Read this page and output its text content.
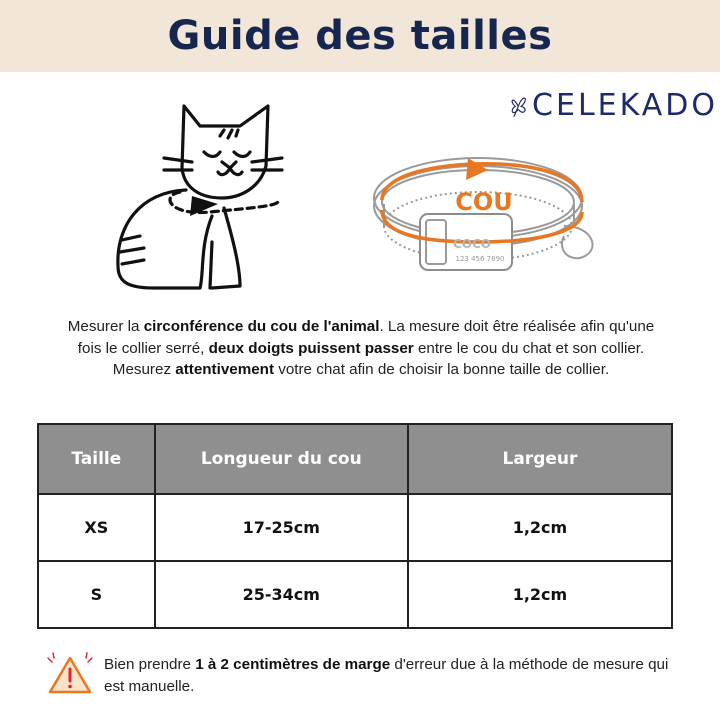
Guide des tailles
CELEKADO
COU
COCO
123 456 7890

Mesurer la circonférence du cou de l'animal. La mesure doit être réalisée afin qu'une fois le collier serré, deux doigts puissent passer entre le cou du chat et son collier. Mesurez attentivement votre chat afin de choisir la bonne taille de collier.

Taille	Longueur du cou	Largeur
XS	17-25cm	1,2cm
S	25-34cm	1,2cm

Bien prendre 1 à 2 centimètres de marge d'erreur due à la méthode de mesure qui est manuelle.
